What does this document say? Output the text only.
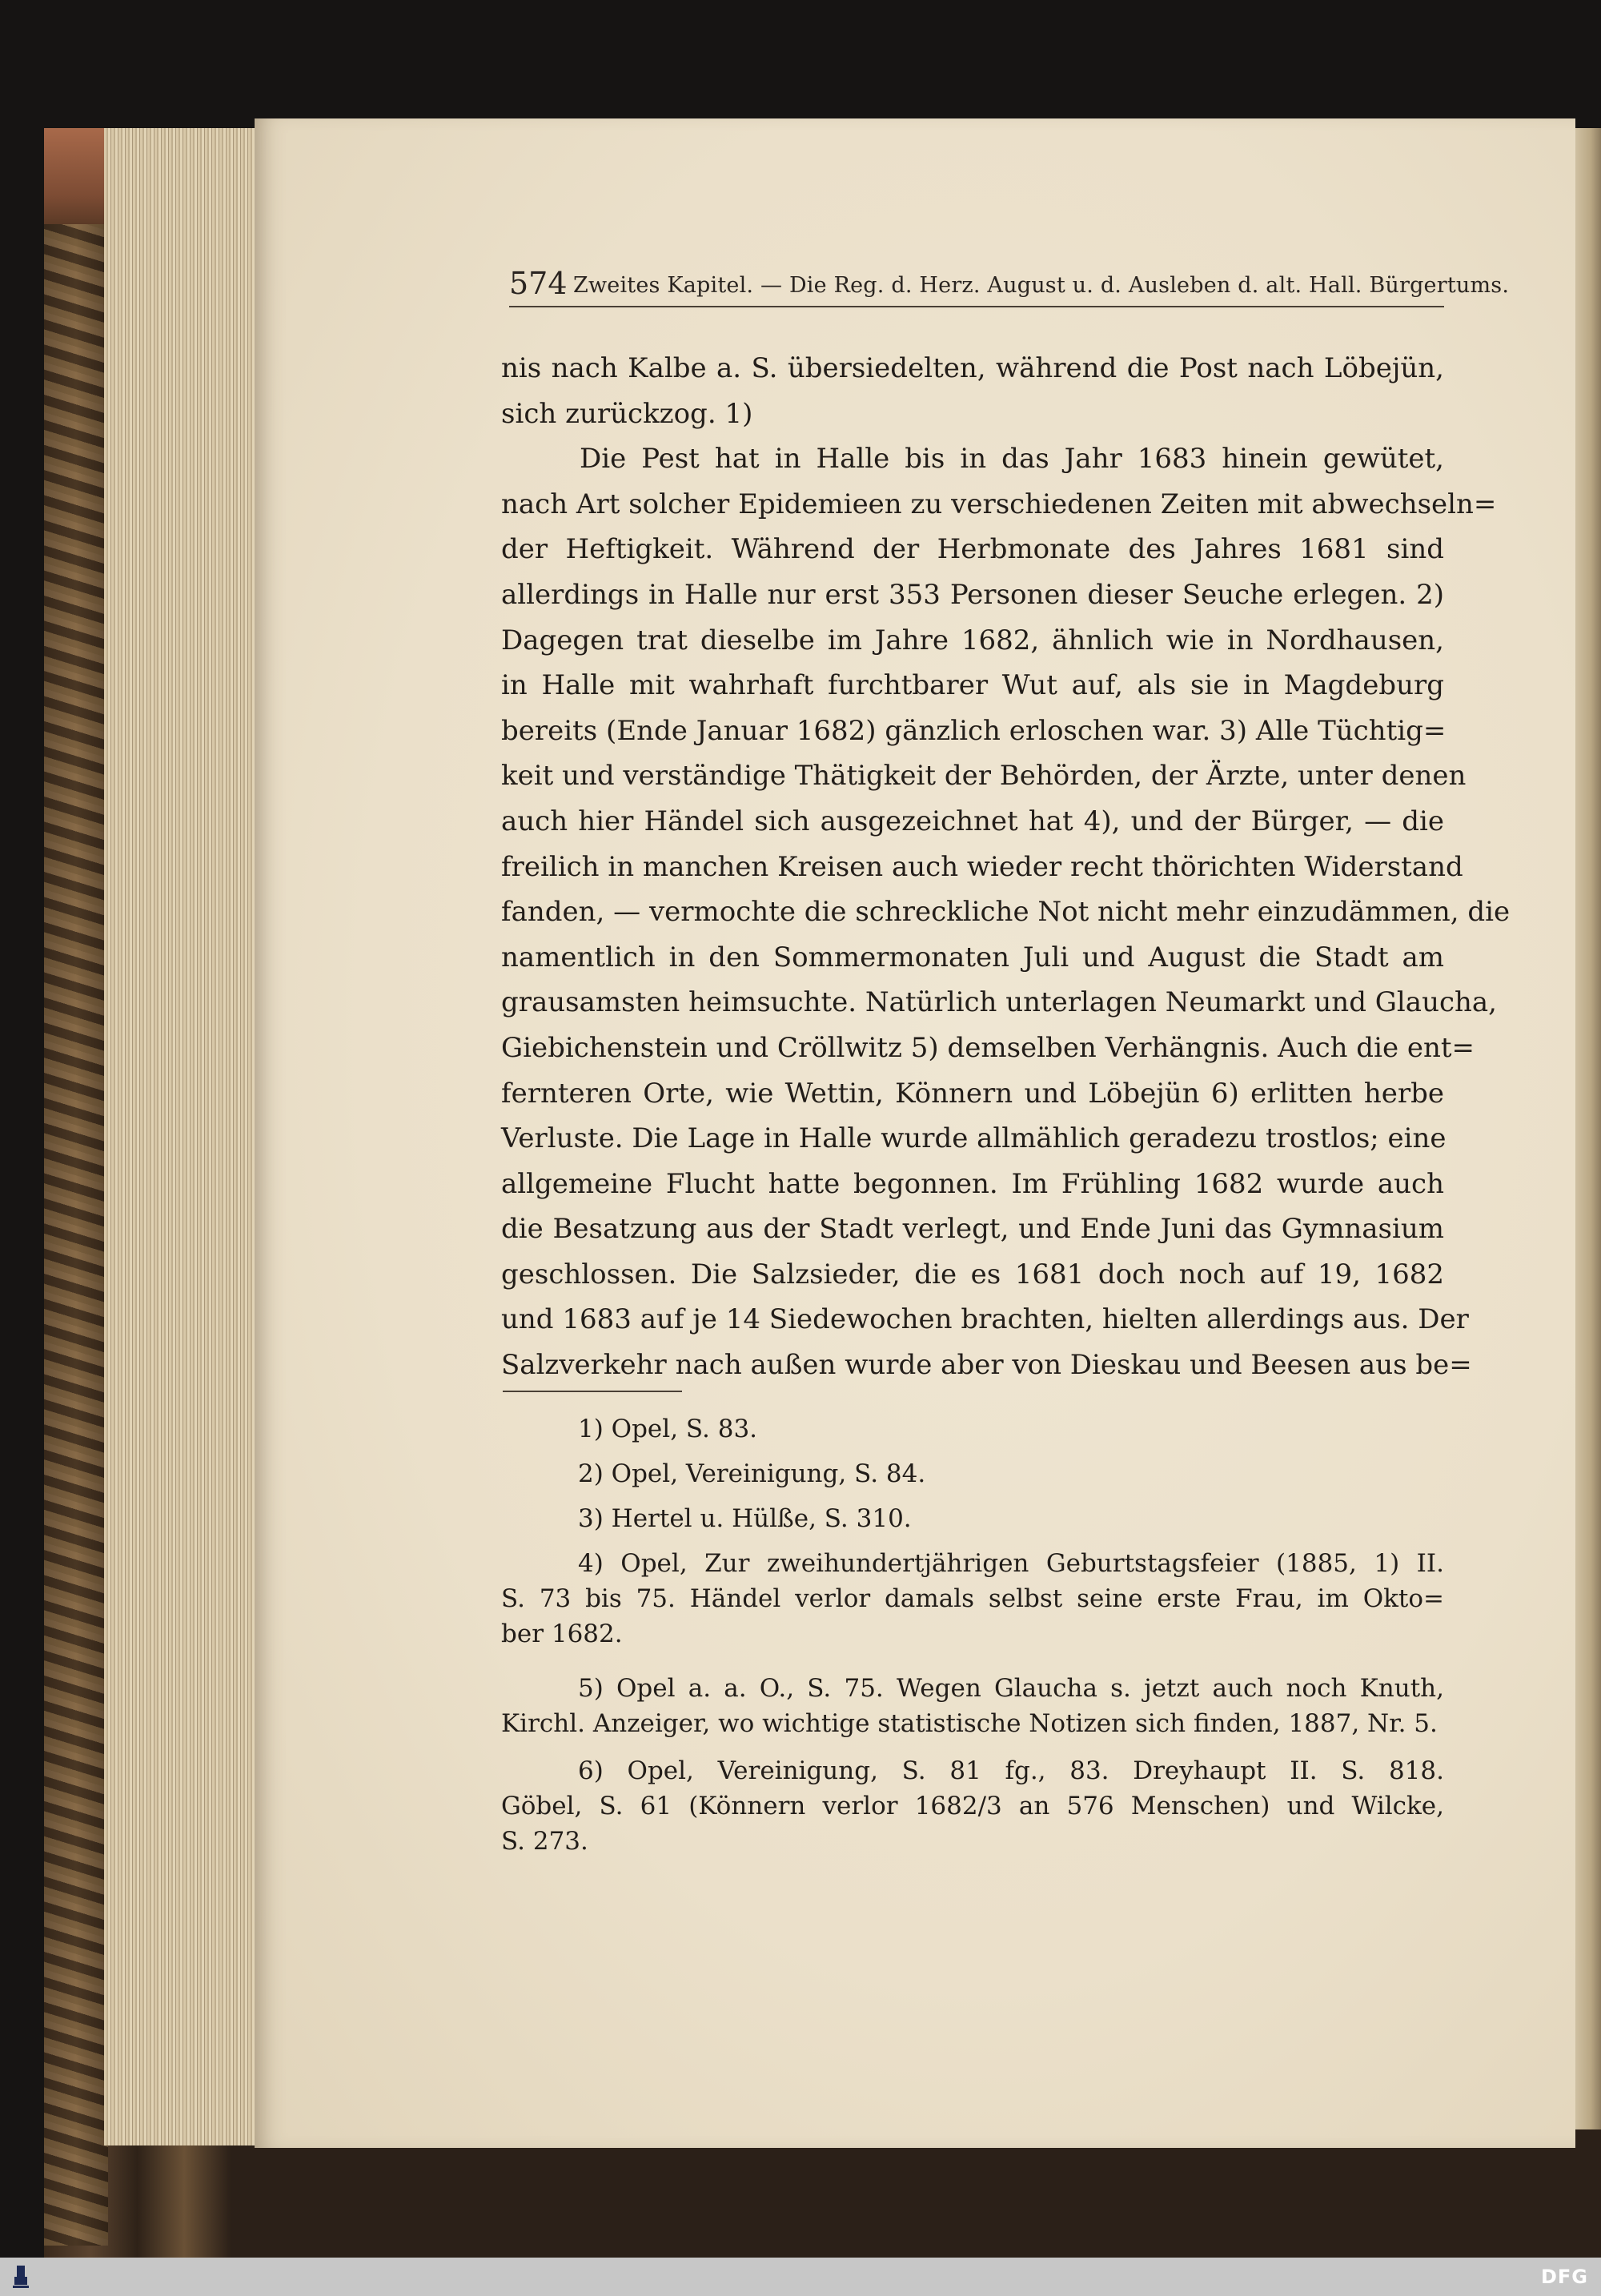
574 Zweites Kapitel. — Die Reg. d. Herz. August u. d. Ausleben d. alt. Hall. Bürgertums.
nis nach Kalbe a. S. übersiedelten, während die Post nach Löbejün,
sich zurückzog. 1)
Die Pest hat in Halle bis in das Jahr 1683 hinein gewütet,
nach Art solcher Epidemieen zu verschiedenen Zeiten mit abwechseln=
der Heftigkeit. Während der Herbmonate des Jahres 1681 sind
allerdings in Halle nur erst 353 Personen dieser Seuche erlegen. 2)
Dagegen trat dieselbe im Jahre 1682, ähnlich wie in Nordhausen,
in Halle mit wahrhaft furchtbarer Wut auf, als sie in Magdeburg
bereits (Ende Januar 1682) gänzlich erloschen war. 3) Alle Tüchtig=
keit und verständige Thätigkeit der Behörden, der Ärzte, unter denen
auch hier Händel sich ausgezeichnet hat 4), und der Bürger, — die
freilich in manchen Kreisen auch wieder recht thörichten Widerstand
fanden, — vermochte die schreckliche Not nicht mehr einzudämmen, die
namentlich in den Sommermonaten Juli und August die Stadt am
grausamsten heimsuchte. Natürlich unterlagen Neumarkt und Glaucha,
Giebichenstein und Cröllwitz 5) demselben Verhängnis. Auch die ent=
fernteren Orte, wie Wettin, Könnern und Löbejün 6) erlitten herbe
Verluste. Die Lage in Halle wurde allmählich geradezu trostlos; eine
allgemeine Flucht hatte begonnen. Im Frühling 1682 wurde auch
die Besatzung aus der Stadt verlegt, und Ende Juni das Gymnasium
geschlossen. Die Salzsieder, die es 1681 doch noch auf 19, 1682
und 1683 auf je 14 Siedewochen brachten, hielten allerdings aus. Der
Salzverkehr nach außen wurde aber von Dieskau und Beesen aus be=
1) Opel, S. 83.
2) Opel, Vereinigung, S. 84.
3) Hertel u. Hülße, S. 310.
4) Opel, Zur zweihundertjährigen Geburtstagsfeier (1885, 1) II.
S. 73 bis 75. Händel verlor damals selbst seine erste Frau, im Okto=
ber 1682.
5) Opel a. a. O., S. 75. Wegen Glaucha s. jetzt auch noch Knuth,
Kirchl. Anzeiger, wo wichtige statistische Notizen sich finden, 1887, Nr. 5.
6) Opel, Vereinigung, S. 81 fg., 83. Dreyhaupt II. S. 818.
Göbel, S. 61 (Könnern verlor 1682/3 an 576 Menschen) und Wilcke,
S. 273.
DFG
